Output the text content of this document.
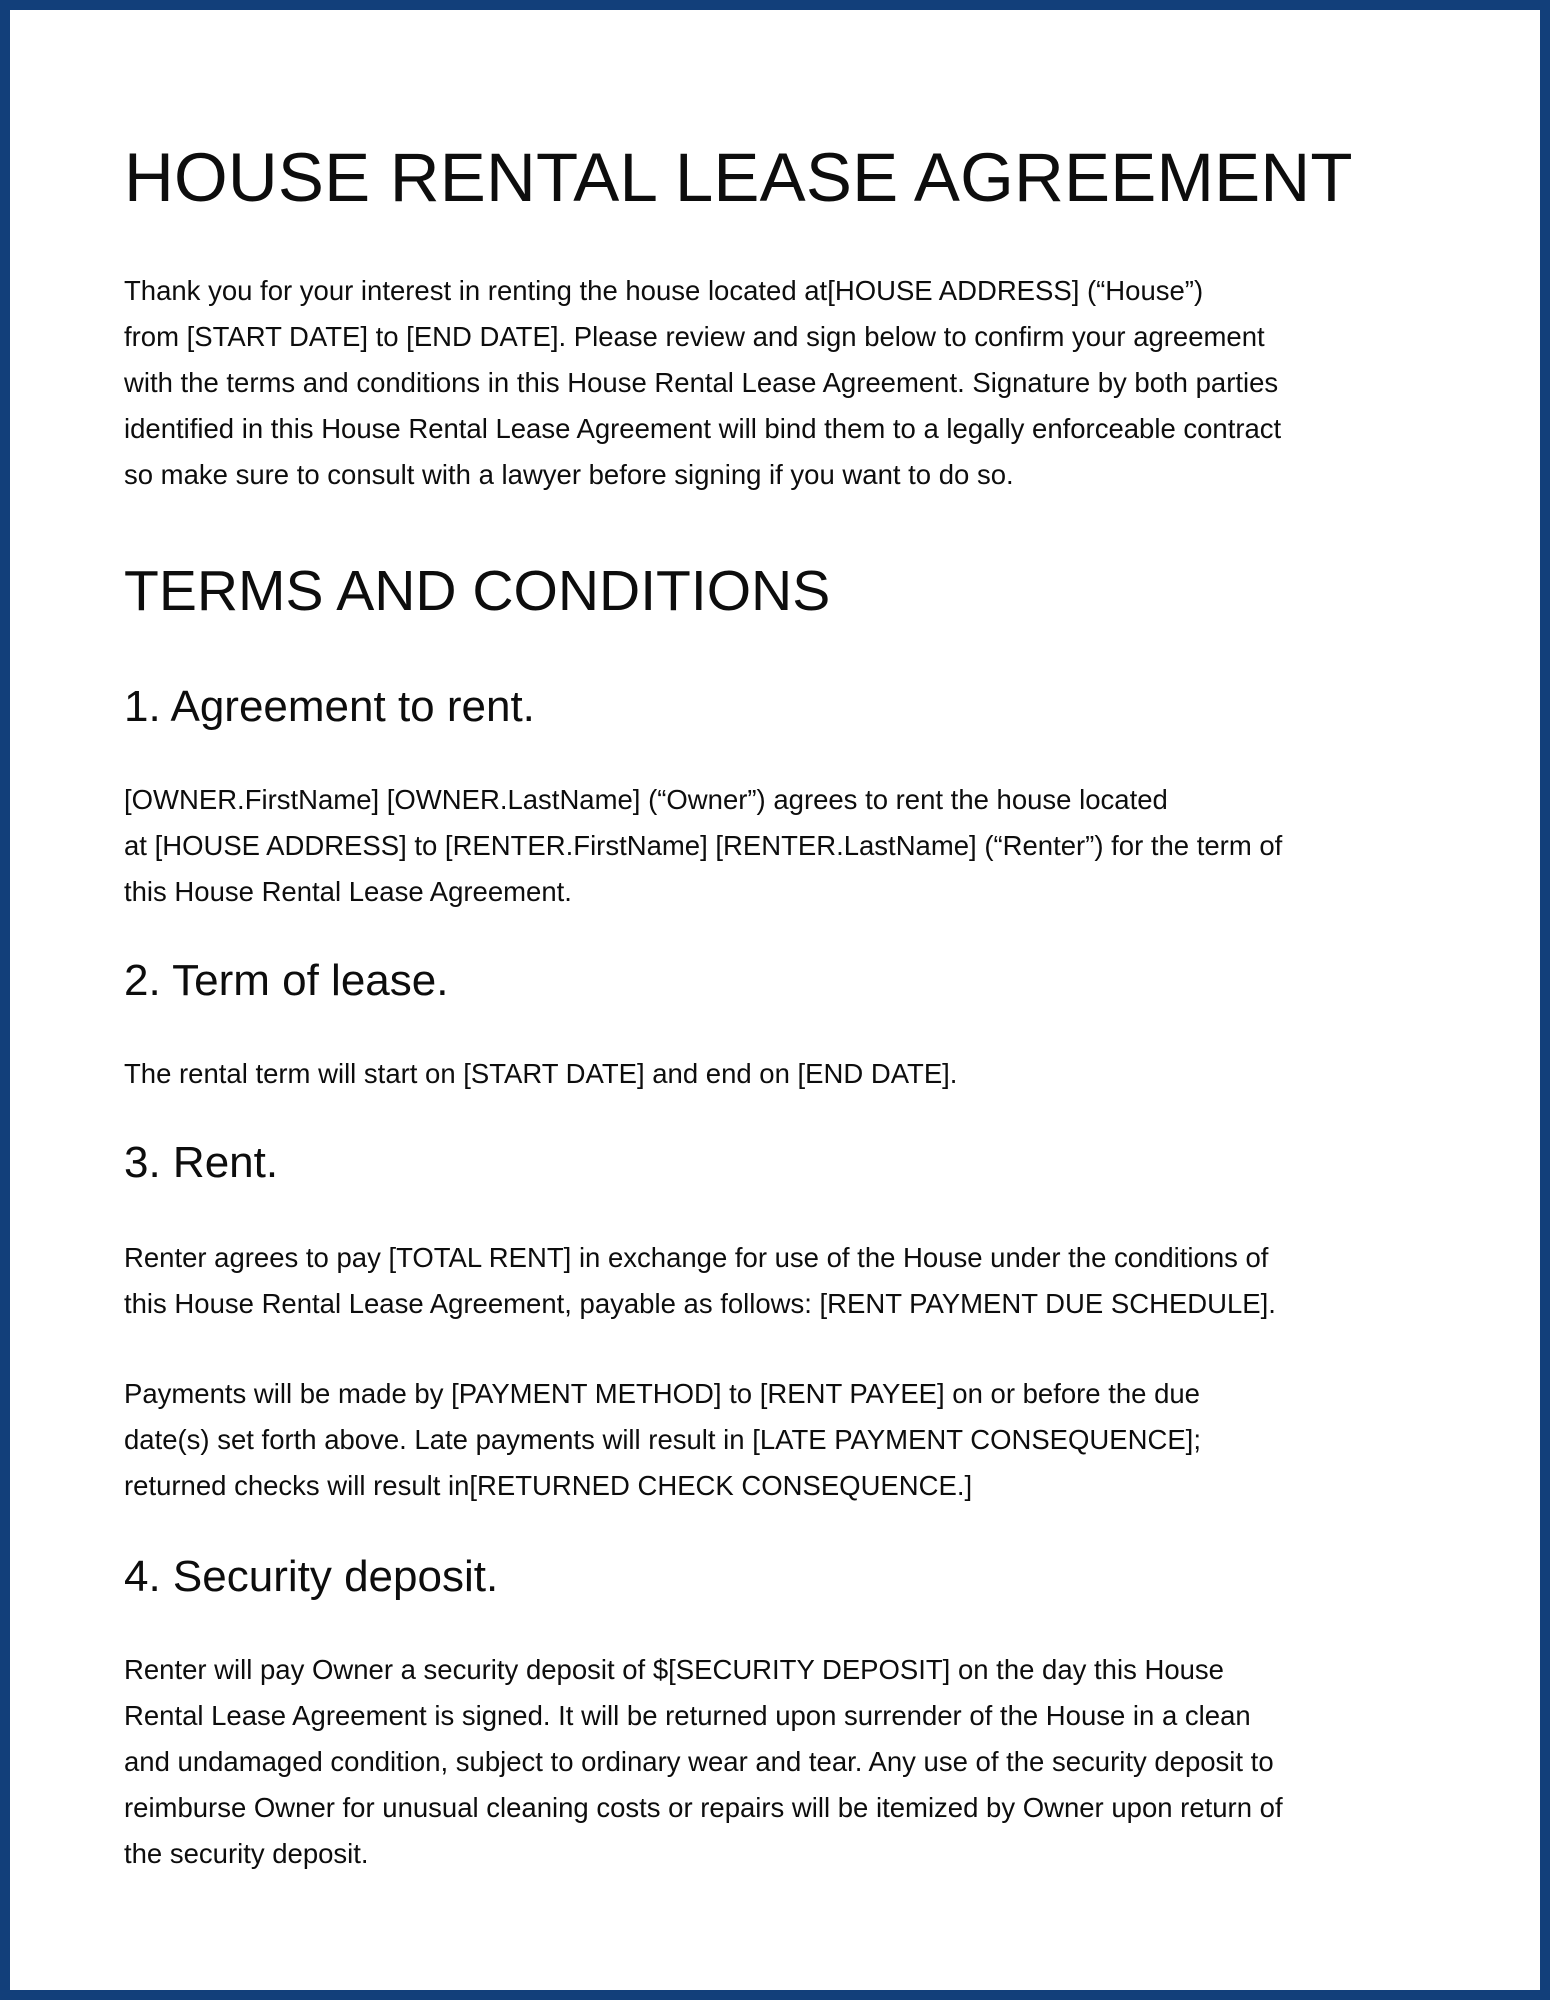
HOUSE RENTAL LEASE AGREEMENT

Thank you for your interest in renting the house located at[HOUSE ADDRESS] (“House”)
from [START DATE] to [END DATE]. Please review and sign below to confirm your agreement
with the terms and conditions in this House Rental Lease Agreement. Signature by both parties
identified in this House Rental Lease Agreement will bind them to a legally enforceable contract
so make sure to consult with a lawyer before signing if you want to do so.

TERMS AND CONDITIONS
1. Agreement to rent.

[OWNER.FirstName] [OWNER.LastName] (“Owner”) agrees to rent the house located
at [HOUSE ADDRESS] to [RENTER.FirstName] [RENTER.LastName] (“Renter”) for the term of
this House Rental Lease Agreement.

2. Term of lease.

The rental term will start on [START DATE] and end on [END DATE].

3. Rent.

Renter agrees to pay [TOTAL RENT] in exchange for use of the House under the conditions of
this House Rental Lease Agreement, payable as follows: [RENT PAYMENT DUE SCHEDULE].

Payments will be made by [PAYMENT METHOD] to [RENT PAYEE] on or before the due
date(s) set forth above. Late payments will result in [LATE PAYMENT CONSEQUENCE];
returned checks will result in[RETURNED CHECK CONSEQUENCE.]

4. Security deposit.

Renter will pay Owner a security deposit of $[SECURITY DEPOSIT] on the day this House
Rental Lease Agreement is signed. It will be returned upon surrender of the House in a clean
and undamaged condition, subject to ordinary wear and tear. Any use of the security deposit to
reimburse Owner for unusual cleaning costs or repairs will be itemized by Owner upon return of
the security deposit.
